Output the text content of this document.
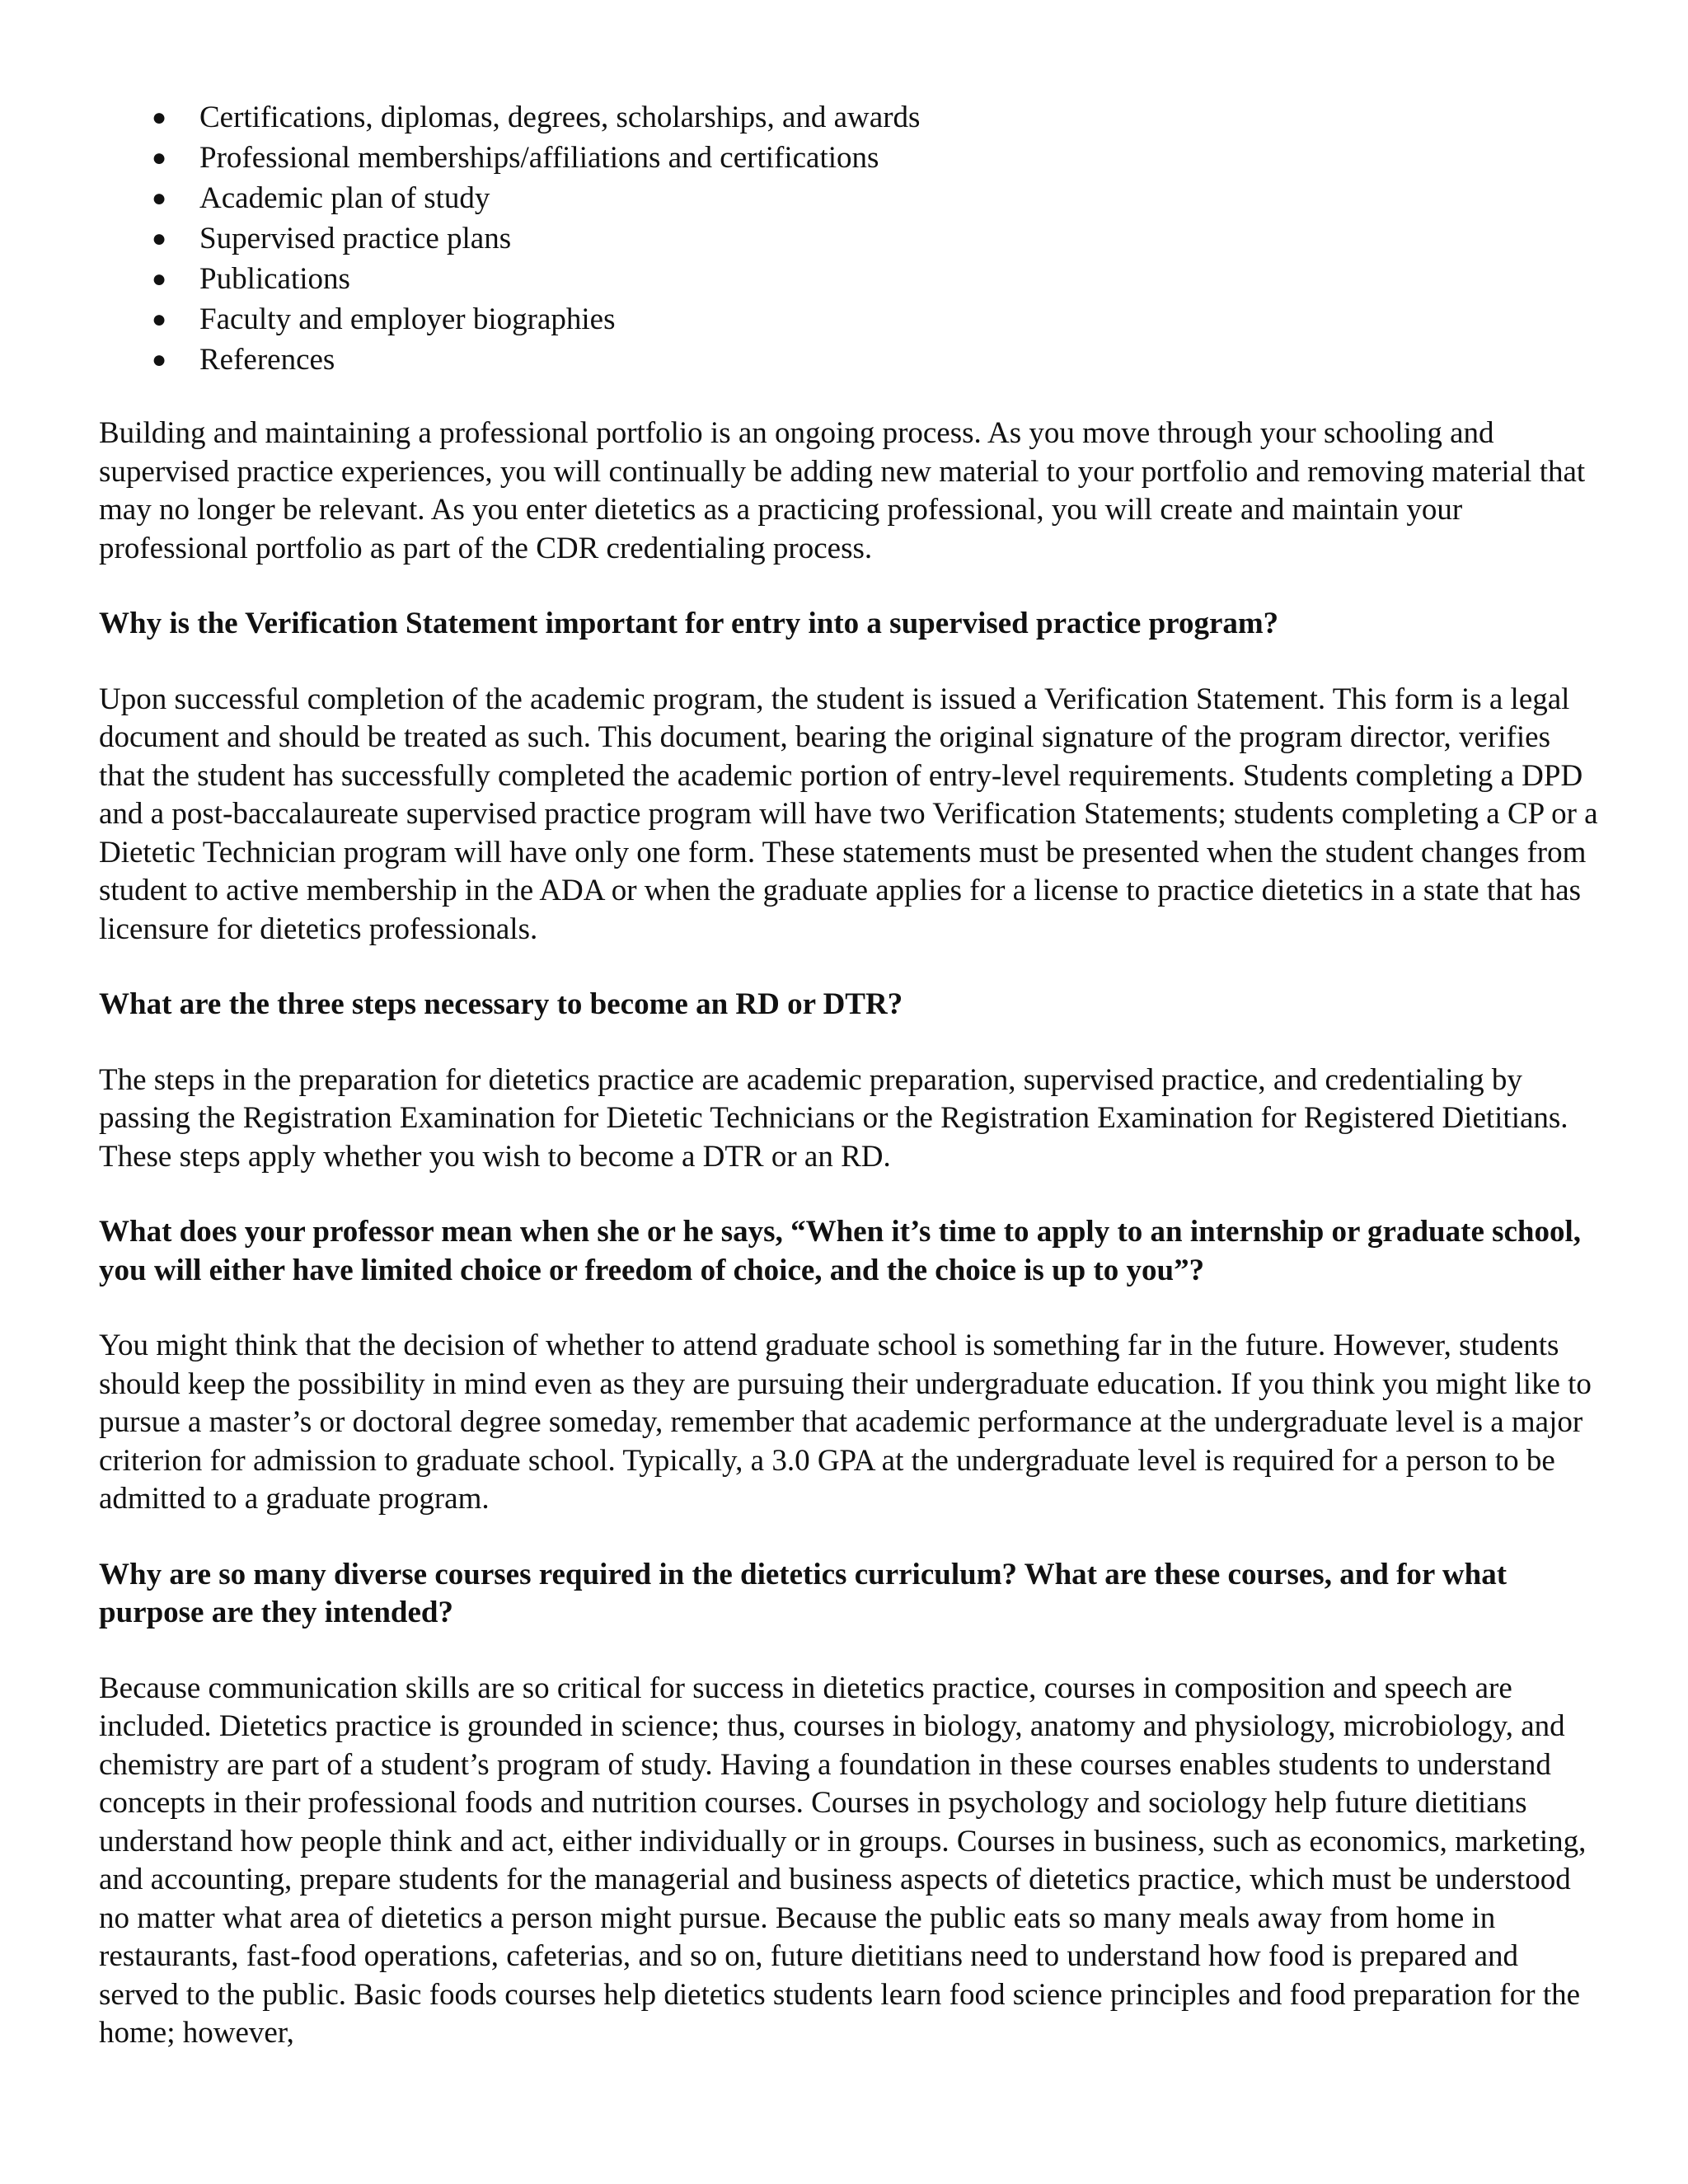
● Certifications, diplomas, degrees, scholarships, and awards
● Professional memberships/affiliations and certifications
● Academic plan of study
● Supervised practice plans
● Publications
● Faculty and employer biographies
● References

Building and maintaining a professional portfolio is an ongoing process. As you move through your schooling and supervised practice experiences, you will continually be adding new material to your portfolio and removing material that may no longer be relevant. As you enter dietetics as a practicing professional, you will create and maintain your professional portfolio as part of the CDR credentialing process.

Why is the Verification Statement important for entry into a supervised practice program?

Upon successful completion of the academic program, the student is issued a Verification Statement. This form is a legal document and should be treated as such. This document, bearing the original signature of the program director, verifies that the student has successfully completed the academic portion of entry-level requirements. Students completing a DPD and a post-baccalaureate supervised practice program will have two Verification Statements; students completing a CP or a Dietetic Technician program will have only one form. These statements must be presented when the student changes from student to active membership in the ADA or when the graduate applies for a license to practice dietetics in a state that has licensure for dietetics professionals.

What are the three steps necessary to become an RD or DTR?

The steps in the preparation for dietetics practice are academic preparation, supervised practice, and credentialing by passing the Registration Examination for Dietetic Technicians or the Registration Examination for Registered Dietitians. These steps apply whether you wish to become a DTR or an RD.

What does your professor mean when she or he says, “When it’s time to apply to an internship or graduate school, you will either have limited choice or freedom of choice, and the choice is up to you”?

You might think that the decision of whether to attend graduate school is something far in the future. However, students should keep the possibility in mind even as they are pursuing their undergraduate education. If you think you might like to pursue a master’s or doctoral degree someday, remember that academic performance at the undergraduate level is a major criterion for admission to graduate school. Typically, a 3.0 GPA at the undergraduate level is required for a person to be admitted to a graduate program.

Why are so many diverse courses required in the dietetics curriculum? What are these courses, and for what purpose are they intended?

Because communication skills are so critical for success in dietetics practice, courses in composition and speech are included. Dietetics practice is grounded in science; thus, courses in biology, anatomy and physiology, microbiology, and chemistry are part of a student’s program of study. Having a foundation in these courses enables students to understand concepts in their professional foods and nutrition courses. Courses in psychology and sociology help future dietitians understand how people think and act, either individually or in groups. Courses in business, such as economics, marketing, and accounting, prepare students for the managerial and business aspects of dietetics practice, which must be understood no matter what area of dietetics a person might pursue. Because the public eats so many meals away from home in restaurants, fast-food operations, cafeterias, and so on, future dietitians need to understand how food is prepared and served to the public. Basic foods courses help dietetics students learn food science principles and food preparation for the home; however,
